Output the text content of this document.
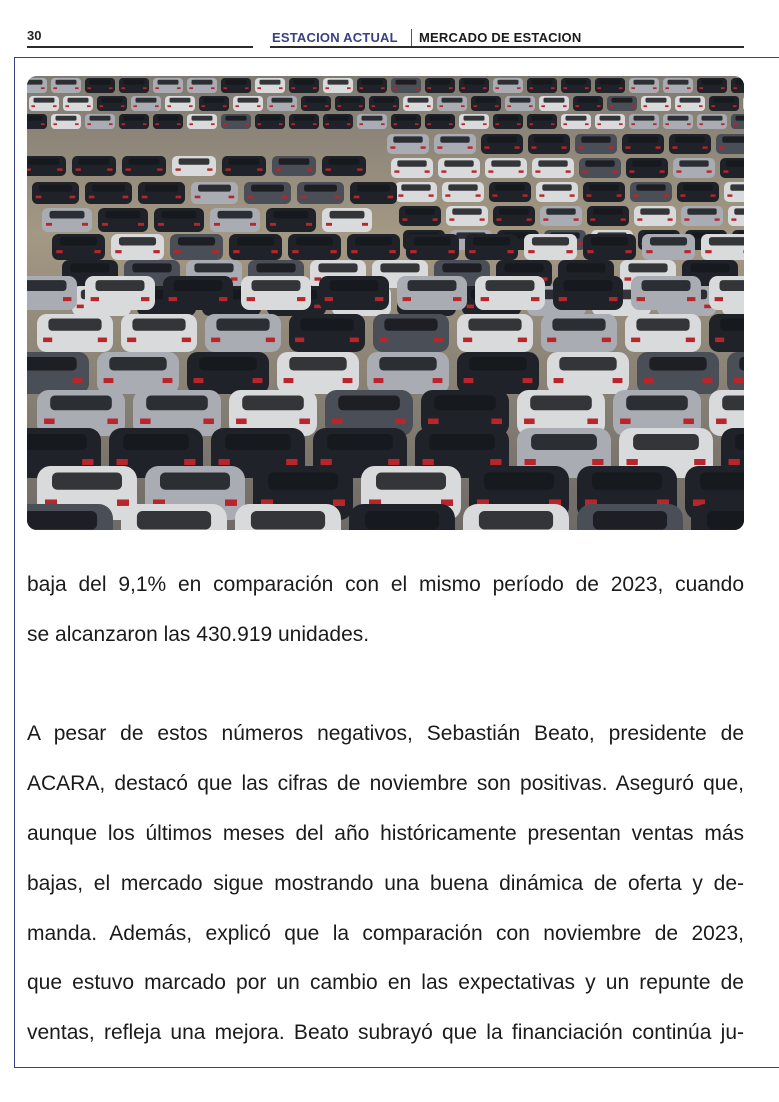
30	ESTACION ACTUAL MERCADO DE ESTACION

baja del 9,1% en comparación con el mismo período de 2023, cuando

se alcanzaron las 430.919 unidades.

A pesar de estos números negativos, Sebastián Beato, presidente de

ACARA, destacó que las cifras de noviembre son positivas. Aseguró que,

aunque los últimos meses del año históricamente presentan ventas más

bajas, el mercado sigue mostrando una buena dinámica de oferta y de-

manda. Además, explicó que la comparación con noviembre de 2023,

que estuvo marcado por un cambio en las expectativas y un repunte de

ventas, refleja una mejora. Beato subrayó que la financiación continúa ju-
